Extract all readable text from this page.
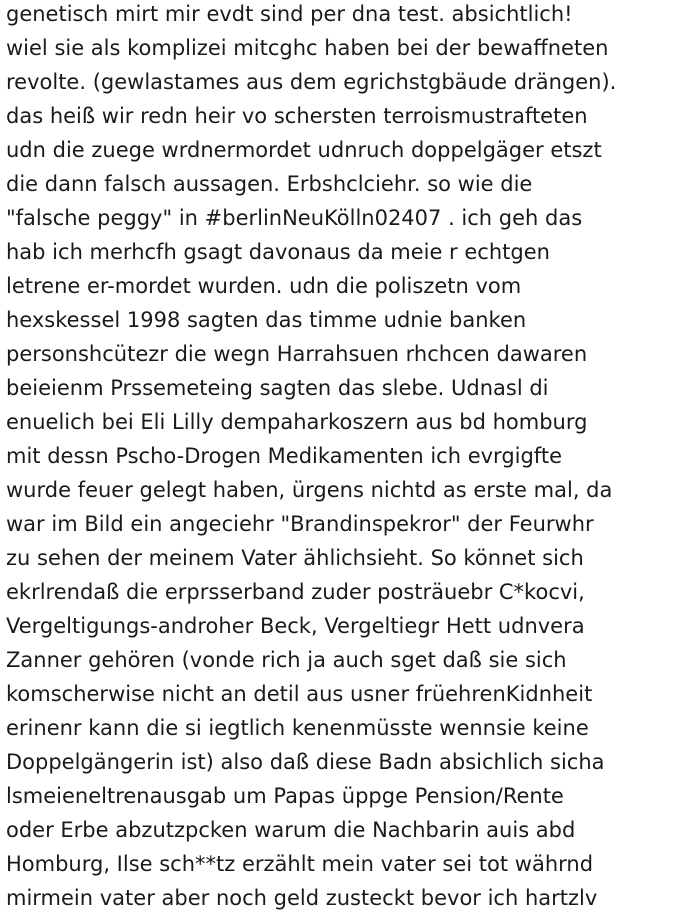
genetisch mirt mir evdt sind per dna test. absichtlich!
wiel sie als komplizei mitcghc haben bei der bewaffneten
revolte. (gewlastames aus dem egrichstgbäude drängen).
das heiß wir redn heir vo schersten terroismustrafteten
udn die zuege wrdnermordet udnruch doppelgäger etszt
die dann falsch aussagen. Erbshclciehr. so wie die
"falsche peggy" in #berlinNeuKölln02407 . ich geh das
hab ich merhcfh gsagt davonaus da meie r echtgen
letrene er-mordet wurden. udn die poliszetn vom
hexskessel 1998 sagten das timme udnie banken
personshcütezr die wegn Harrahsuen rhchcen dawaren
beieienm Prssemeteing sagten das slebe. Udnasl di
enuelich bei Eli Lilly dempaharkoszern aus bd homburg
mit dessn Pscho-Drogen Medikamenten ich evrgigfte
wurde feuer gelegt haben, ürgens nichtd as erste mal, da
war im Bild ein angeciehr "Brandinspekror" der Feurwhr
zu sehen der meinem Vater ählichsieht. So könnet sich
ekrlrendaß die erprsserband zuder posträuebr C*kocvi,
Vergeltigungs-androher Beck, Vergeltiegr Hett udnvera
Zanner gehören (vonde rich ja auch sget daß sie sich
komscherwise nicht an detil aus usner früehrenKidnheit
erinenr kann die si iegtlich kenenmüsste wennsie keine
Doppelgängerin ist) also daß diese Badn absichlich sicha
lsmeieneltrenausgab um Papas üppge Pension/Rente
oder Erbe abzutzpcken warum die Nachbarin auis abd
Homburg, Ilse sch**tz erzählt mein vater sei tot währnd
mirmein vater aber noch geld zusteckt bevor ich hartzlv
